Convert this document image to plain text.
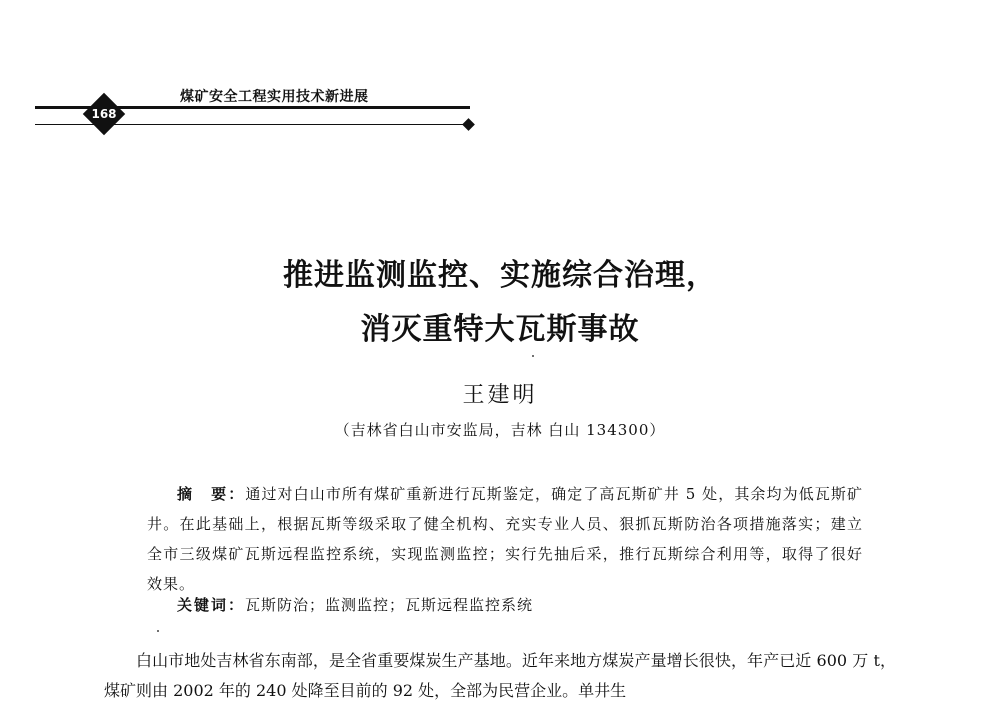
168
煤矿安全工程实用技术新进展
推进监测监控、实施综合治理，
消灭重特大瓦斯事故
王建明
（吉林省白山市安监局，吉林 白山 134300）

摘　要：通过对白山市所有煤矿重新进行瓦斯鉴定，确定了高瓦斯矿井 5 处，其余均为低瓦斯矿井。在此基础上，根据瓦斯等级采取了健全机构、充实专业人员、狠抓瓦斯防治各项措施落实；建立全市三级煤矿瓦斯远程监控系统，实现监测监控；实行先抽后采，推行瓦斯综合利用等，取得了很好效果。

关键词：瓦斯防治；监测监控；瓦斯远程监控系统

白山市地处吉林省东南部，是全省重要煤炭生产基地。近年来地方煤炭产量增长很快，年产已近 600 万 t，煤矿则由 2002 年的 240 处降至目前的 92 处，全部为民营企业。单井生
